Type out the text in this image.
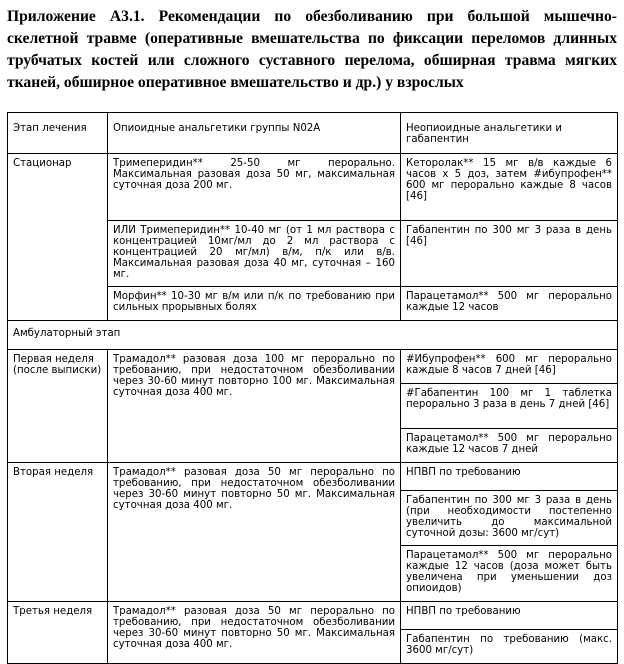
Приложение А3.1. Рекомендации по обезболиванию при большой мышечно-скелетной травме (оперативные вмешательства по фиксации переломов длинных трубчатых костей или сложного суставного перелома, обширная травма мягких тканей, обширное оперативное вмешательство и др.) у взрослых
Этап лечения	Опиоидные анальгетики группы N02A	Неопиоидные анальгетики и габапентин
Стационар	Тримеперидин** 25-50 мг перорально. Максимальная разовая доза 50 мг, максимальная суточная доза 200 мг.	Кеторолак** 15 мг в/в каждые 6 часов х 5 доз, затем #ибупрофен** 600 мг перорально каждые 8 часов [46]
	ИЛИ Тримеперидин** 10-40 мг (от 1 мл раствора с концентрацией 10мг/мл до 2 мл раствора с концентрацией 20 мг/мл) в/м, п/к или в/в. Максимальная разовая доза 40 мг, суточная – 160 мг.	Габапентин по 300 мг 3 раза в день [46]
	Морфин** 10-30 мг в/м или п/к по требованию при сильных прорывных болях	Парацетамол** 500 мг перорально каждые 12 часов
Амбулаторный этап		
Первая неделя (после выписки)	Трамадол** разовая доза 100 мг перорально по требованию, при недостаточном обезболивании через 30-60 минут повторно 100 мг. Максимальная суточная доза 400 мг.	#Ибупрофен** 600 мг перорально каждые 8 часов 7 дней [46]
		#Габапентин 100 мг 1 таблетка перорально 3 раза в день 7 дней [46]
		Парацетамол** 500 мг перорально каждые 12 часов 7 дней
Вторая неделя	Трамадол** разовая доза 50 мг перорально по требованию, при недостаточном обезболивании через 30-60 минут повторно 50 мг. Максимальная суточная доза 400 мг.	НПВП по требованию
		Габапентин по 300 мг 3 раза в день (при необходимости постепенно увеличить до максимальной суточной дозы: 3600 мг/сут)
		Парацетамол** 500 мг перорально каждые 12 часов (доза может быть увеличена при уменьшении доз опиоидов)
Третья неделя	Трамадол** разовая доза 50 мг перорально по требованию, при недостаточном обезболивании через 30-60 минут повторно 50 мг. Максимальная суточная доза 400 мг.	НПВП по требованию
		Габапентин по требованию (макс. 3600 мг/сут)
